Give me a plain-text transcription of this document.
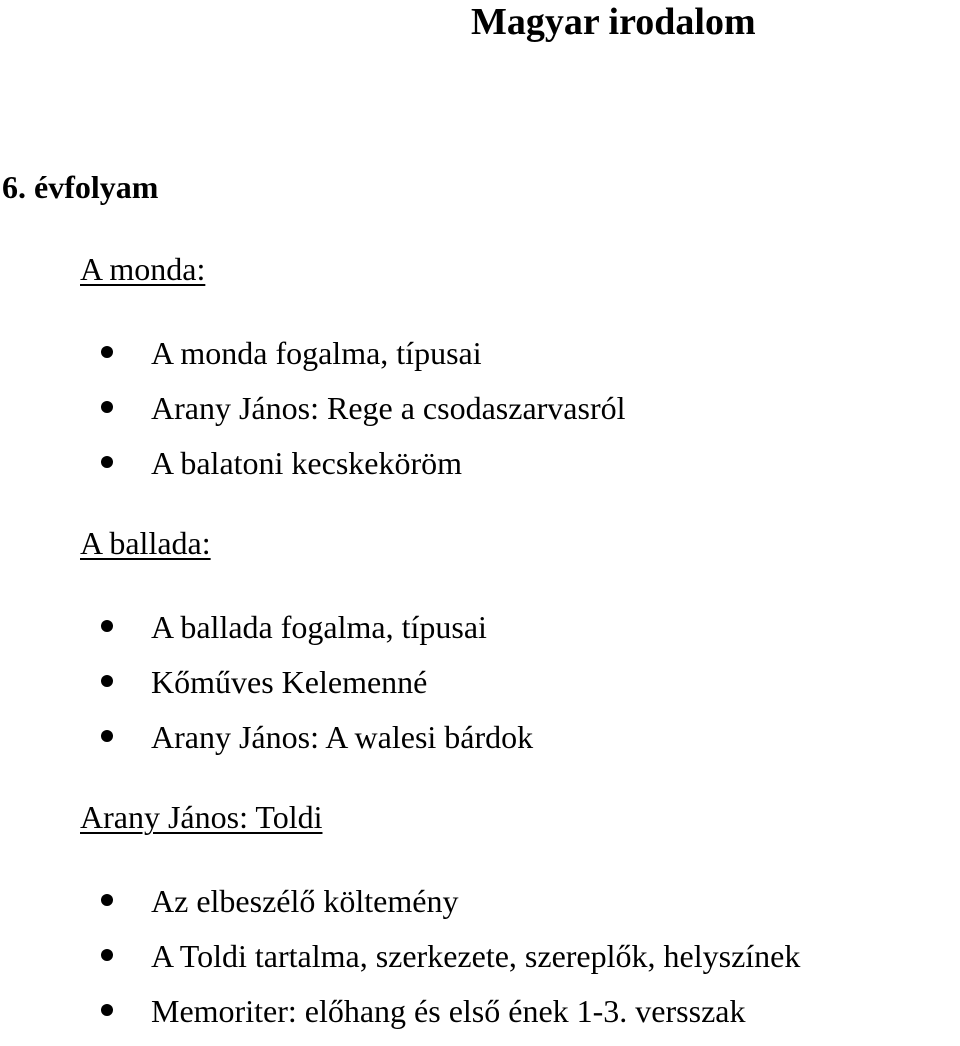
Magyar irodalom
6. évfolyam
A monda:
A monda fogalma, típusai
Arany János: Rege a csodaszarvasról
A balatoni kecskeköröm
A ballada:
A ballada fogalma, típusai
Kőműves Kelemenné
Arany János: A walesi bárdok
Arany János: Toldi
Az elbeszélő költemény
A Toldi tartalma, szerkezete, szereplők, helyszínek
Memoriter: előhang és első ének 1-3. versszak
